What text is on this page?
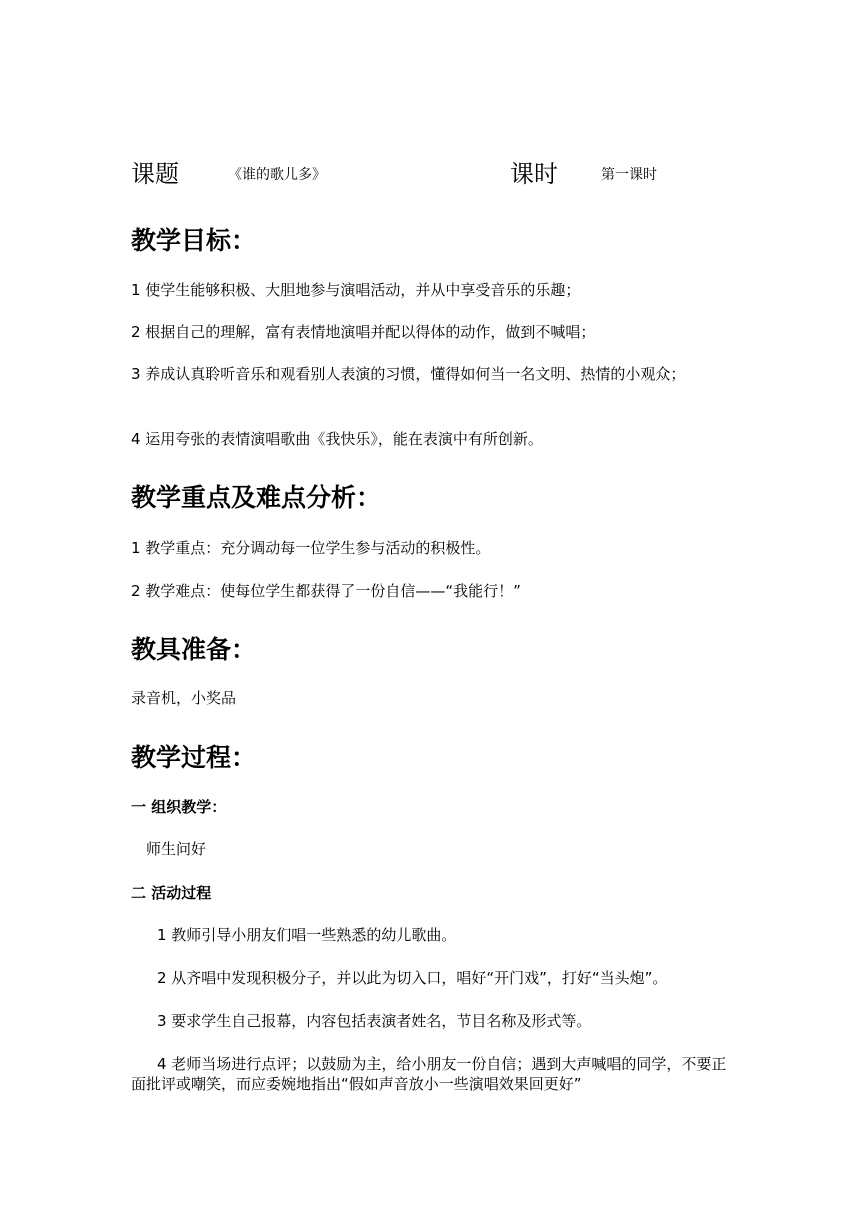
课题	《谁的歌儿多》	课时	第一课时
教学目标：
1 使学生能够积极、大胆地参与演唱活动，并从中享受音乐的乐趣；
2 根据自己的理解，富有表情地演唱并配以得体的动作，做到不喊唱；
3 养成认真聆听音乐和观看别人表演的习惯，懂得如何当一名文明、热情的小观众；
4 运用夸张的表情演唱歌曲《我快乐》，能在表演中有所创新。
教学重点及难点分析：
1 教学重点：充分调动每一位学生参与活动的积极性。
2 教学难点：使每位学生都获得了一份自信——“我能行！”
教具准备：
录音机，小奖品
教学过程：
一 组织教学：
师生问好
二 活动过程
1 教师引导小朋友们唱一些熟悉的幼儿歌曲。
2 从齐唱中发现积极分子，并以此为切入口，唱好“开门戏”，打好“当头炮”。
3 要求学生自己报幕，内容包括表演者姓名，节目名称及形式等。
4 老师当场进行点评；以鼓励为主，给小朋友一份自信；遇到大声喊唱的同学，不要正面批评或嘲笑，而应委婉地指出“假如声音放小一些演唱效果回更好”
